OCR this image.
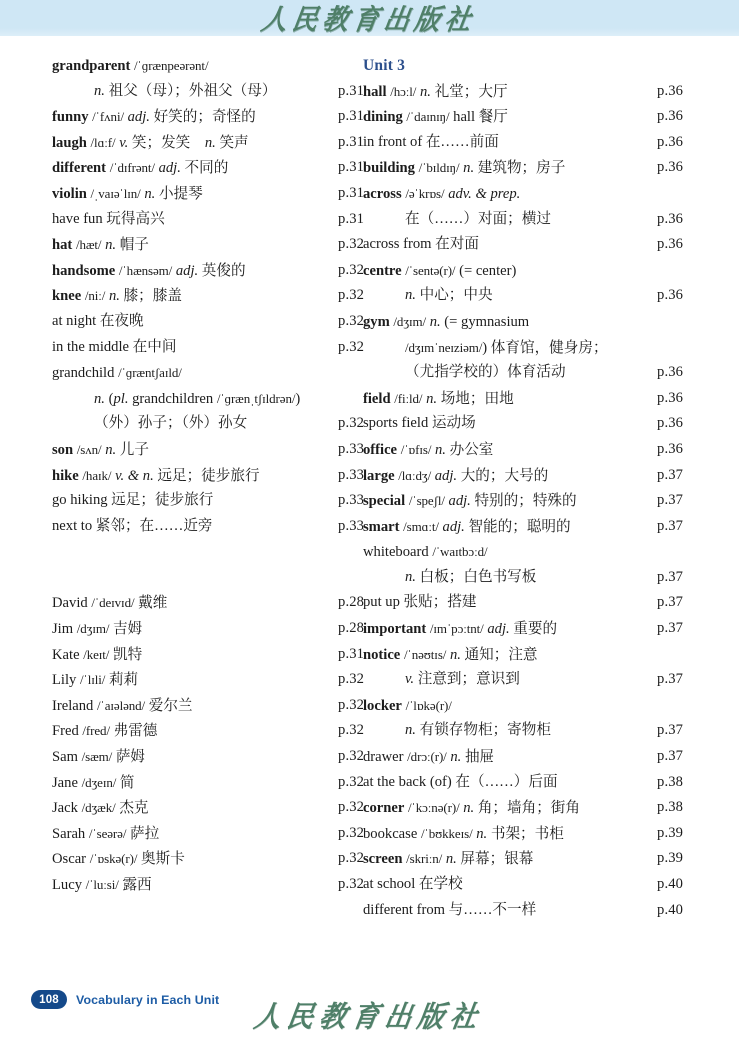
人民教育出版社
grandparent /ˈɡrænpeərənt/
n. 祖父（母）；外祖父（母）	p.31
funny /ˈfʌni/ adj. 好笑的；奇怪的	p.31
laugh /lɑːf/ v. 笑；发笑　n. 笑声	p.31
different /ˈdɪfrənt/ adj. 不同的	p.31
violin /ˌvaɪəˈlɪn/ n. 小提琴	p.31
have fun 玩得高兴	p.31
hat /hæt/ n. 帽子	p.32
handsome /ˈhænsəm/ adj. 英俊的	p.32
knee /niː/ n. 膝；膝盖	p.32
at night 在夜晚	p.32
in the middle 在中间	p.32
grandchild /ˈɡræntʃaɪld/
n. (pl. grandchildren /ˈɡrænˌtʃɪldrən/)
（外）孙子；（外）孙女	p.32
son /sʌn/ n. 儿子	p.33
hike /haɪk/ v. & n. 远足；徒步旅行	p.33
go hiking 远足；徒步旅行	p.33
next to 紧邻；在……近旁	p.33
David /ˈdeɪvɪd/ 戴维	p.28
Jim /dʒɪm/ 吉姆	p.28
Kate /keɪt/ 凯特	p.31
Lily /ˈlɪli/ 莉莉	p.32
Ireland /ˈaɪələnd/ 爱尔兰	p.32
Fred /fred/ 弗雷德	p.32
Sam /sæm/ 萨姆	p.32
Jane /dʒeɪn/ 简	p.32
Jack /dʒæk/ 杰克	p.32
Sarah /ˈseərə/ 萨拉	p.32
Oscar /ˈɒskə(r)/ 奥斯卡	p.32
Lucy /ˈluːsi/ 露西	p.32
Unit 3
hall /hɔːl/ n. 礼堂；大厅	p.36
dining /ˈdaɪnɪŋ/ hall 餐厅	p.36
in front of 在……前面	p.36
building /ˈbɪldɪŋ/ n. 建筑物；房子	p.36
across /əˈkrɒs/ adv. & prep.
在（……）对面；横过	p.36
across from 在对面	p.36
centre /ˈsentə(r)/ (= center)
n. 中心；中央	p.36
gym /dʒɪm/ n. (= gymnasium
/dʒɪmˈneɪziəm/) 体育馆，健身房；
（尤指学校的）体育活动	p.36
field /fiːld/ n. 场地；田地	p.36
sports field 运动场	p.36
office /ˈɒfɪs/ n. 办公室	p.36
large /lɑːdʒ/ adj. 大的；大号的	p.37
special /ˈspeʃl/ adj. 特别的；特殊的	p.37
smart /smɑːt/ adj. 智能的；聪明的	p.37
whiteboard /ˈwaɪtbɔːd/
n. 白板；白色书写板	p.37
put up 张贴；搭建	p.37
important /ɪmˈpɔːtnt/ adj. 重要的	p.37
notice /ˈnəʊtɪs/ n. 通知；注意
v. 注意到；意识到	p.37
locker /ˈlɒkə(r)/
n. 有锁存物柜；寄物柜	p.37
drawer /drɔː(r)/ n. 抽屉	p.37
at the back (of) 在（……）后面	p.38
corner /ˈkɔːnə(r)/ n. 角；墙角；街角	p.38
bookcase /ˈbʊkkeɪs/ n. 书架；书柜	p.39
screen /skriːn/ n. 屏幕；银幕	p.39
at school 在学校	p.40
different from 与……不一样	p.40
108	Vocabulary in Each Unit
人民教育出版社
